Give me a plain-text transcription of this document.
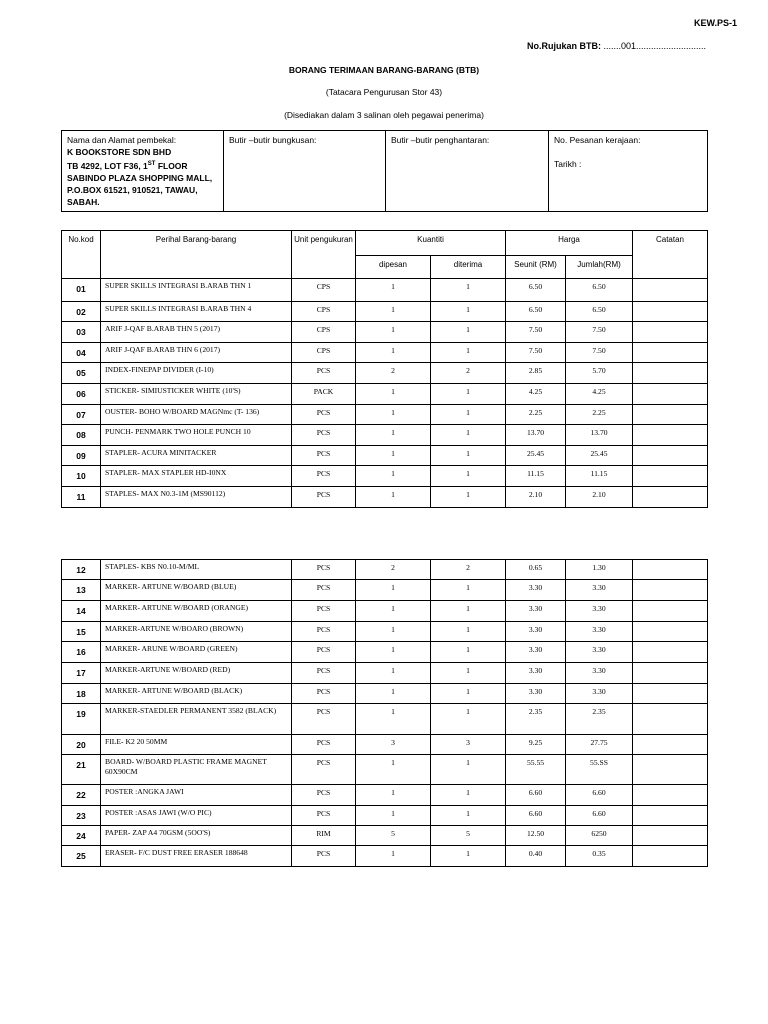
KEW.PS-1
No.Rujukan BTB: .......001............................
BORANG TERIMAAN BARANG-BARANG (BTB)
(Tatacara Pengurusan Stor 43)
(Disediakan dalam 3 salinan oleh pegawai penerima)
Nama dan Alamat pembekal:
K BOOKSTORE SDN BHD
TB 4292, LOT F36, 1ST FLOOR
SABINDO PLAZA SHOPPING MALL,
P.O.BOX 61521, 910521, TAWAU,
SABAH.

Butir –butir bungkusan:	Butir –butir penghantaran:	No. Pesanan kerajaan:
Tarikh :
No.kod	Perihal Barang-barang	Unit pengukuran	Kuantiti		Harga		Catatan
			dipesan	diterima	Seunit (RM)	Jumlah(RM)	
01	SUPER SKILLS INTEGRASI B.ARAB THN 1	CPS	1	1	6.50	6.50	
02	SUPER SKILLS INTEGRASI B.ARAB THN 4	CPS	1	1	6.50	6.50	
03	ARIF J-QAF B.ARAB THN 5 (2017)	CPS	1	1	7.50	7.50	
04	ARIF J-QAF B.ARAB THN 6 (2017)	CPS	1	1	7.50	7.50	
05	INDEX-FINEPAP DIVIDER (I-10)	PCS	2	2	2.85	5.70	
06	STICKER- SIMIUSTICKER WHITE (10'S)	PACK	1	1	4.25	4.25	
07	OUSTER- BOHO W/BOARD MAGNmc (T- 136)	PCS	1	1	2.25	2.25	
08	PUNCH- PENMARK TWO HOLE PUNCH 10	PCS	1	1	13.70	13.70	
09	STAPLER- ACURA MINITACKER	PCS	1	1	25.45	25.45	
10	STAPLER- MAX STAPLER HD-I0NX	PCS	1	1	11.15	11.15	
11	STAPLES- MAX N0.3-1M (MS90112)	PCS	1	1	2.10	2.10	
12	STAPLES- KBS N0.10-M/ML	PCS	2	2	0.65	1.30	
13	MARKER- ARTUNE W/BOARD (BLUE)	PCS	1	1	3.30	3.30	
14	MARKER- ARTUNE W/BOARD (ORANGE)	PCS	1	1	3.30	3.30	
15	MARKER-ARTUNE W/BOARO (BROWN)	PCS	1	1	3.30	3.30	
16	MARKER- ARUNE W/BOARD (GREEN)	PCS	1	1	3.30	3.30	
17	MARKER-ARTUNE W/BOARD (RED)	PCS	1	1	3.30	3.30	
18	MARKER- ARTUNE W/BOARD (BLACK)	PCS	1	1	3.30	3.30	
19	MARKER-STAEDLER PERMANENT 3582 (BLACK)	PCS	1	1	2.35	2.35	
20	FILE- K2 20 50MM	PCS	3	3	9.25	27.75	
21	BOARD- W/BOARD PLASTIC FRAME MAGNET 60X90CM	PCS	1	1	55.55	55.SS	
22	POSTER :ANGKA JAWI	PCS	1	1	6.60	6.60	
23	POSTER :ASAS JAWI (W/O PIC)	PCS	1	1	6.60	6.60	
24	PAPER- ZAP A4 70GSM (5OO'S)	RIM	5	5	12.50	6250	
25	ERASER- F/C DUST FREE ERASER 188648	PCS	1	1	0.40	0.35	
